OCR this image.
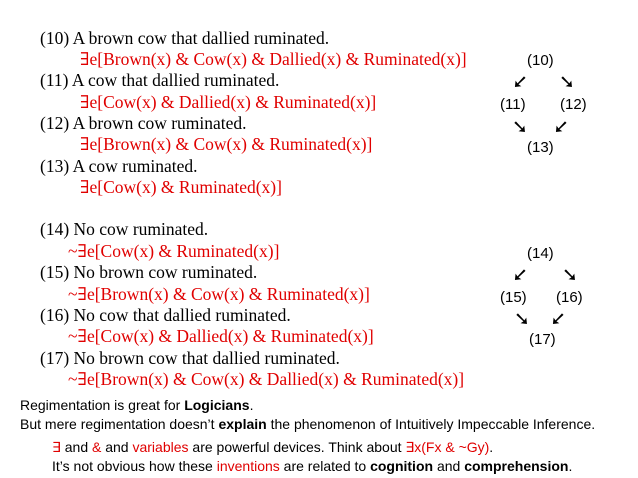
(10) A brown cow that dallied ruminated.
∃e[Brown(x) & Cow(x) & Dallied(x) & Ruminated(x)]
(11) A cow that dallied ruminated.
∃e[Cow(x) & Dallied(x) & Ruminated(x)]
(12) A brown cow ruminated.
∃e[Brown(x) & Cow(x) & Ruminated(x)]
(13) A cow ruminated.
∃e[Cow(x) & Ruminated(x)]
(14) No cow ruminated.
~∃e[Cow(x) & Ruminated(x)]
(15) No brown cow ruminated.
~∃e[Brown(x) & Cow(x) & Ruminated(x)]
(16) No cow that dallied ruminated.
~∃e[Cow(x) & Dallied(x) & Ruminated(x)]
(17) No brown cow that dallied ruminated.
~∃e[Brown(x) & Cow(x) & Dallied(x) & Ruminated(x)]
(10)
➘ ➘
(11) (12)
➘ ➘
(13)
(14)
➘ ➘
(15) (16)
➘ ➘
(17)
Regimentation is great for Logicians.
But mere regimentation doesn’t explain the phenomenon of Intuitively Impeccable Inference.
∃ and & and variables are powerful devices. Think about ∃x(Fx & ~Gy).
It’s not obvious how these inventions are related to cognition and comprehension.
